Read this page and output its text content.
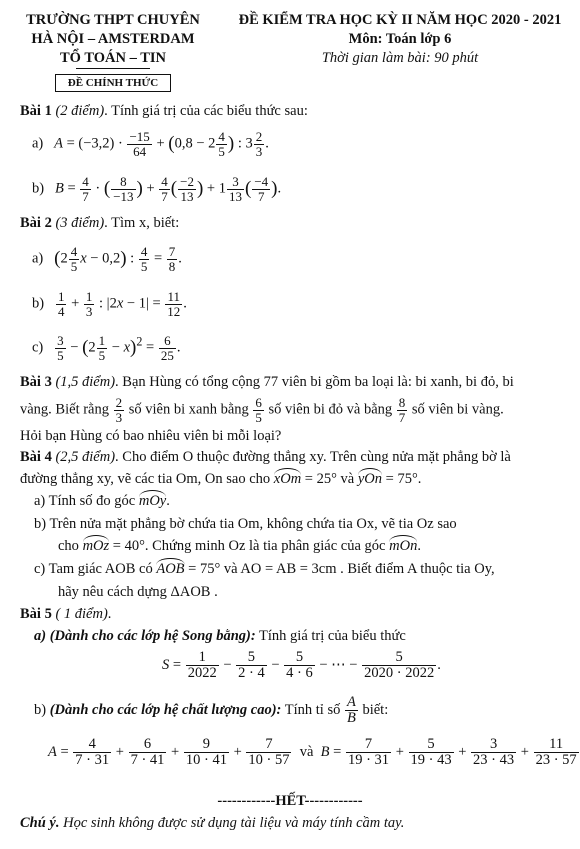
TRƯỜNG THPT CHUYÊN
HÀ NỘI – AMSTERDAM
TỔ TOÁN – TIN
ĐỀ CHÍNH THỨC
ĐỀ KIỂM TRA HỌC KỲ II NĂM HỌC 2020 - 2021
Môn: Toán lớp 6
Thời gian làm bài: 90 phút
Bài 1 (2 điểm). Tính giá trị của các biểu thức sau:
a) $A = (-3,2) \cdot \frac{-15}{64} + (0,8 - 2 \frac{4}{5}$ ) : $3 \frac{2}{3}$ .
b) $B = \frac{4}{7}$ · ( $\frac{8}{-13}$ ) + $\frac{4}{7}$ ( $\frac{-2}{13}$ ) + $1 \frac{3}{13}$ ( $\frac{-4}{7}$ ).
Bài 2 (3 điểm). Tìm x, biết:
a) ($2 \frac{4}{5}$ x − 0,2) : $\frac{4}{5} = \frac{7}{8}$ .
$b) \frac{1}{4} + \frac{1}{3}$ : $|2x - 1| = \frac{11}{12}$ .
$c) \frac{3}{5} - (2 \frac{1}{5} - x)^2 = \frac{6}{25}$ .
Bài 3 (1,5 điểm). Bạn Hùng có tổng cộng 77 viên bi gồm ba loại là: bi xanh, bi đỏ, bi
vàng. Biết rằng $\frac{2}{3}$ số viên bi xanh bằng $\frac{6}{5}$ số viên bi đỏ và bằng $\frac{8}{7}$ số viên bi vàng.
Hỏi bạn Hùng có bao nhiêu viên bi mỗi loại?
Bài 4 (2,5 điểm). Cho điểm O thuộc đường thẳng xy. Trên cùng nửa mặt phẳng bờ là
đường thẳng xy, vẽ các tia Om, On sao cho xOm = 25° và yOn = 75°.
a) Tính số đo góc mOy.
b) Trên nửa mặt phẳng bờ chứa tia Om, không chứa tia Ox, vẽ tia Oz sao
cho mOz = 40°. Chứng minh Oz là tia phân giác của góc mOn.
c) Tam giác AOB có AOB = 75° và AO = AB = 3cm . Biết điểm A thuộc tia Oy,
hãy nêu cách dựng ΔAOB .
Bài 5 ( 1 điểm).
a) (Dành cho các lớp hệ Song bằng): Tính giá trị của biểu thức
$S = \frac{1}{2022} - \frac{5}{2 \cdot 4} - \frac{5}{4 \cdot 6}$ − ⋯ − $\frac{5}{2020 \cdot 2022}$ .
b) (Dành cho các lớp hệ chất lượng cao): Tính tỉ số $\frac{A}{B}$ biết:
$A = \frac{4}{7 \cdot 31} + \frac{6}{7 \cdot 41} + \frac{9}{10 \cdot 41} + \frac{7}{10 \cdot 57}$ và $B = \frac{7}{19 \cdot 31} + \frac{5}{19 \cdot 43} + \frac{3}{23 \cdot 43} + \frac{11}{23 \cdot 57}$
------------HẾT------------
Chú ý. Học sinh không được sử dụng tài liệu và máy tính cầm tay.
